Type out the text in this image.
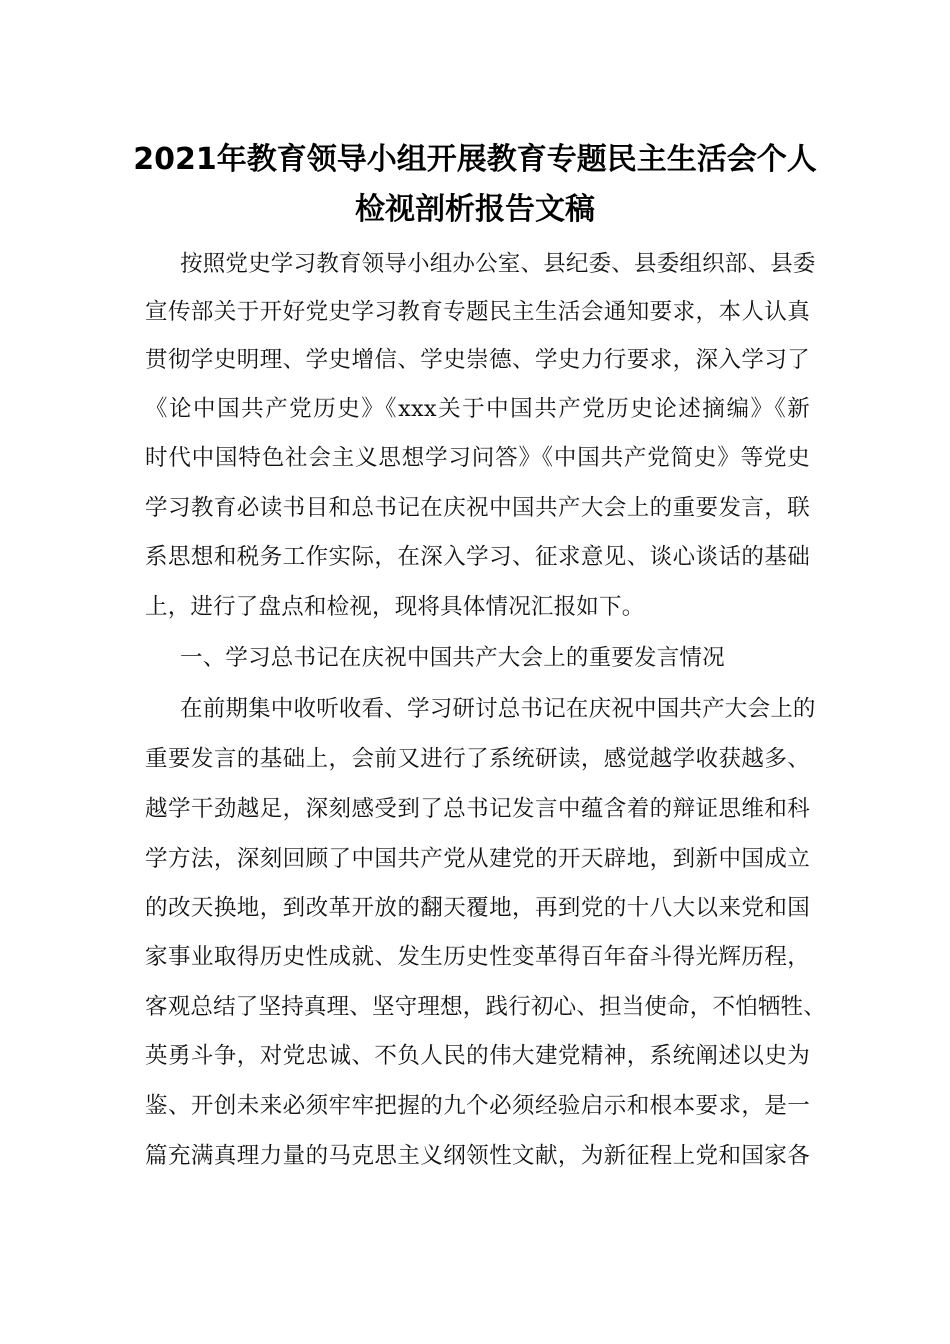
2021年教育领导小组开展教育专题民主生活会个人
检视剖析报告文稿

按照党史学习教育领导小组办公室、县纪委、县委组织部、县委

宣传部关于开好党史学习教育专题民主生活会通知要求，本人认真

贯彻学史明理、学史增信、学史崇德、学史力行要求，深入学习了

《论中国共产党历史》《xxx关于中国共产党历史论述摘编》《新

时代中国特色社会主义思想学习问答》《中国共产党简史》等党史

学习教育必读书目和总书记在庆祝中国共产大会上的重要发言，联

系思想和税务工作实际，在深入学习、征求意见、谈心谈话的基础

上，进行了盘点和检视，现将具体情况汇报如下。

一、学习总书记在庆祝中国共产大会上的重要发言情况

在前期集中收听收看、学习研讨总书记在庆祝中国共产大会上的

重要发言的基础上，会前又进行了系统研读，感觉越学收获越多、

越学干劲越足，深刻感受到了总书记发言中蕴含着的辩证思维和科

学方法，深刻回顾了中国共产党从建党的开天辟地，到新中国成立

的改天换地，到改革开放的翻天覆地，再到党的十八大以来党和国

家事业取得历史性成就、发生历史性变革得百年奋斗得光辉历程，

客观总结了坚持真理、坚守理想，践行初心、担当使命，不怕牺牲、

英勇斗争，对党忠诚、不负人民的伟大建党精神，系统阐述以史为

鉴、开创未来必须牢牢把握的九个必须经验启示和根本要求，是一

篇充满真理力量的马克思主义纲领性文献，为新征程上党和国家各
